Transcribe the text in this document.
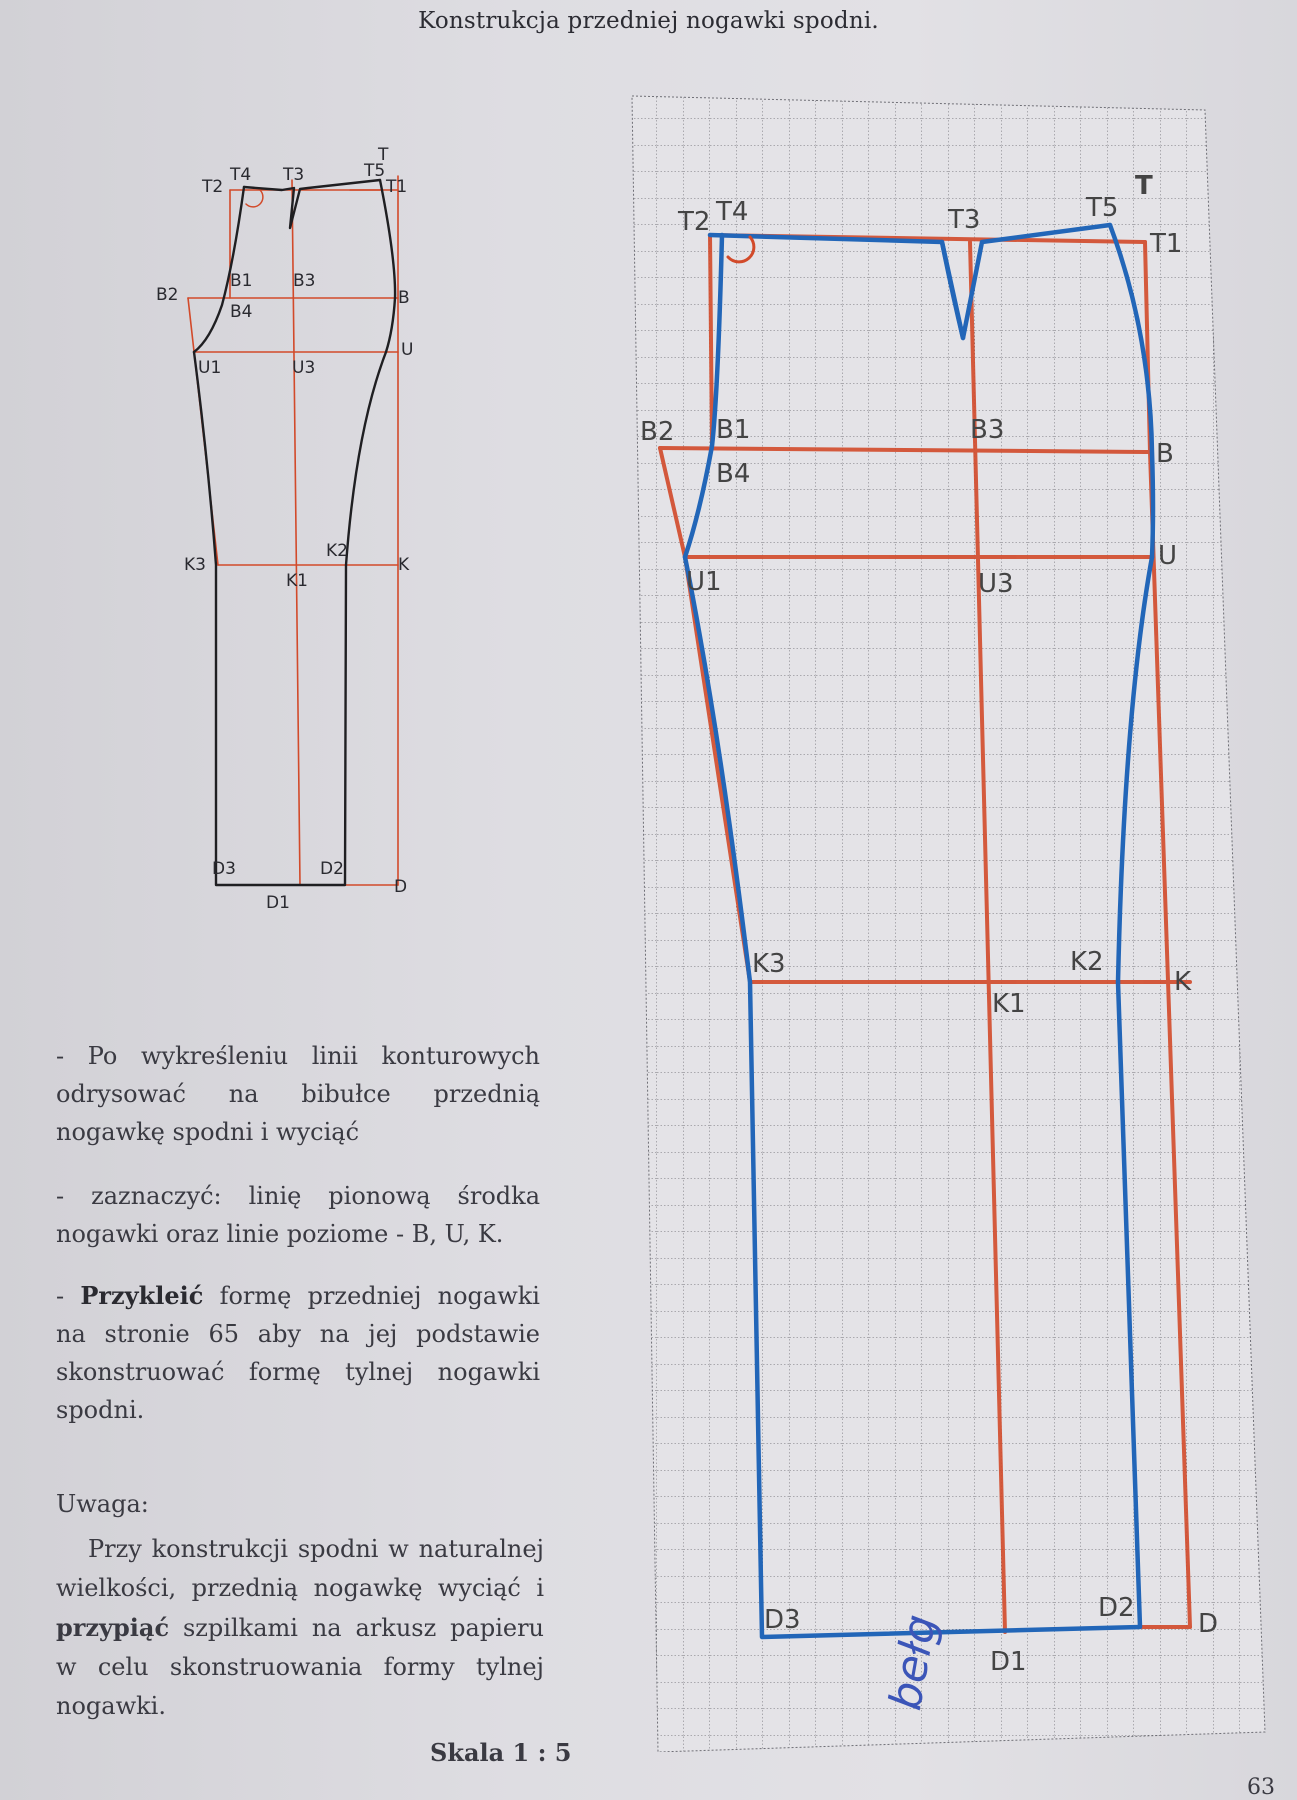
Konstrukcja przedniej nogawki spodni.
T
T1
T2
T3
T4	T5
B
B1
B2
B3
B4
U
U1	U3
K
K1
K2
K3
D
D1
D2
D3
T
T1
T2	T3
T4	T5
B
B1
B2	B3
B4
U
U1	U3
K
K1
K2
K3
D
D1
D2
D3
- Po wykreśleniu linii konturowych odrysować na bibułce przednią nogawkę spodni i wyciąć
- zaznaczyć: linię pionową środka nogawki oraz linie poziome - B, U, K.
- Przykleić formę przedniej nogawki na stronie 65 aby na jej podstawie skonstruować formę tylnej nogawki spodni.
Uwaga:
Przy konstrukcji spodni w naturalnej wielkości, przednią nogawkę wyciąć i przypiąć szpilkami na arkusz papieru w celu skonstruowania formy tylnej nogawki.
Skala 1 : 5
63
bełg
